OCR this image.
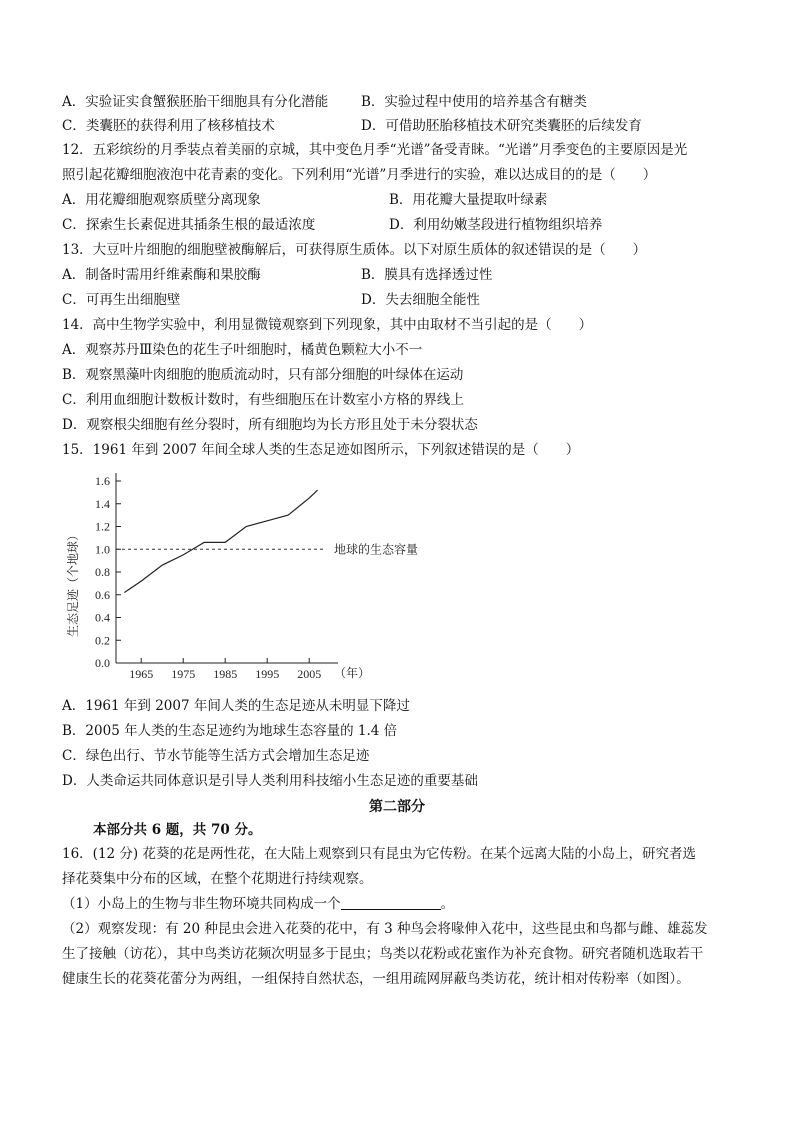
A．实验证实食蟹猴胚胎干细胞具有分化潜能 B．实验过程中使用的培养基含有糖类
C．类囊胚的获得利用了核移植技术	D．可借助胚胎移植技术研究类囊胚的后续发育
12．五彩缤纷的月季装点着美丽的京城，其中变色月季“光谱”备受青睐。“光谱”月季变色的主要原因是光
照引起花瓣细胞液泡中花青素的变化。下列利用“光谱”月季进行的实验，难以达成目的的是（　　）
A．用花瓣细胞观察质壁分离现象	B．用花瓣大量提取叶绿素
C．探索生长素促进其插条生根的最适浓度	D．利用幼嫩茎段进行植物组织培养
13．大豆叶片细胞的细胞壁被酶解后，可获得原生质体。以下对原生质体的叙述错误的是（　　）
A．制备时需用纤维素酶和果胶酶	B．膜具有选择透过性
C．可再生出细胞壁	D．失去细胞全能性
14．高中生物学实验中，利用显微镜观察到下列现象，其中由取材不当引起的是（　　）
A．观察苏丹Ⅲ染色的花生子叶细胞时，橘黄色颗粒大小不一
B．观察黑藻叶肉细胞的胞质流动时，只有部分细胞的叶绿体在运动
C．利用血细胞计数板计数时，有些细胞压在计数室小方格的界线上
D．观察根尖细胞有丝分裂时，所有细胞均为长方形且处于未分裂状态
15．1961 年到 2007 年间全球人类的生态足迹如图所示，下列叙述错误的是（　　）
0.0
0.2
0.4
0.6
0.8
1.0
1.2
1.4
1.6
1965 1975 1985 1995 2005 （年）
生态足迹（个地球）	地球的生态容量
A．1961 年到 2007 年间人类的生态足迹从未明显下降过
B．2005 年人类的生态足迹约为地球生态容量的 1.4 倍
C．绿色出行、节水节能等生活方式会增加生态足迹
D．人类命运共同体意识是引导人类利用科技缩小生态足迹的重要基础
第二部分
本部分共 6 题，共 70 分。
16．(12 分) 花葵的花是两性花，在大陆上观察到只有昆虫为它传粉。在某个远离大陆的小岛上，研究者选
择花葵集中分布的区域，在整个花期进行持续观察。
（1）小岛上的生物与非生物环境共同构成一个	。
（2）观察发现：有 20 种昆虫会进入花葵的花中，有 3 种鸟会将喙伸入花中，这些昆虫和鸟都与雌、雄蕊发
生了接触（访花），其中鸟类访花频次明显多于昆虫；鸟类以花粉或花蜜作为补充食物。研究者随机选取若干
健康生长的花葵花蕾分为两组，一组保持自然状态，一组用疏网屏蔽鸟类访花，统计相对传粉率（如图）。
